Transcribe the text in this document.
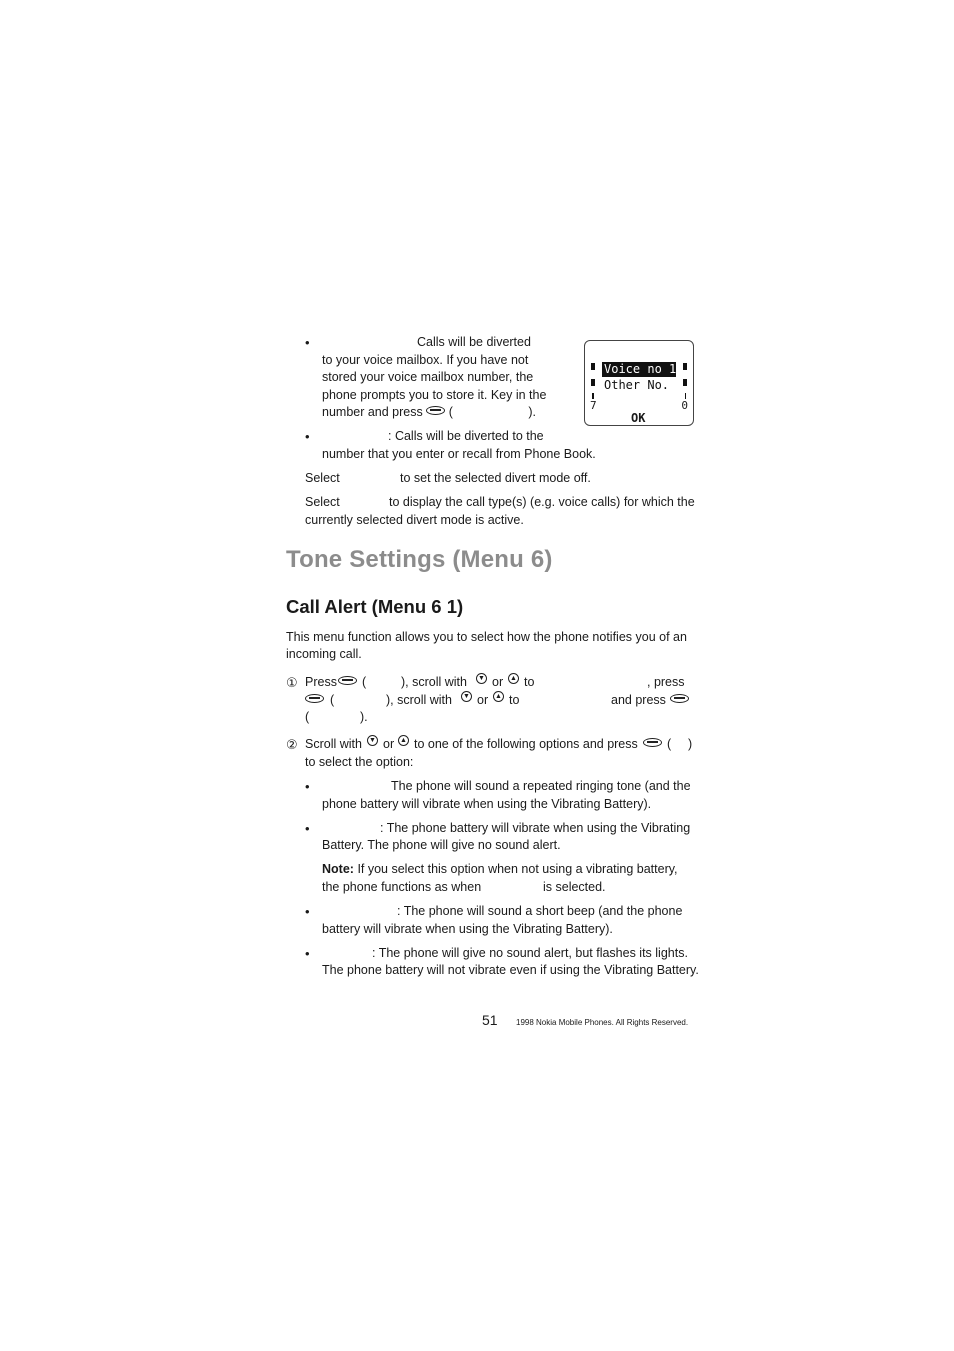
•	Calls will be diverted
to your voice mailbox. If you have not
stored your voice mailbox number, the
phone prompts you to store it. Key in the
number and press (	).
•	: Calls will be diverted to the
number that you enter or recall from Phone Book.
Select	to set the selected divert mode off.
Select	to display the call type(s) (e.g. voice calls) for which the
currently selected divert mode is active.
Voice no 1
Other No.
7	0
OK
Tone Settings (Menu 6)
Call Alert (Menu 6 1)
This menu function allows you to select how the phone notifies you of an
incoming call.
① Press (	), scroll with ▼ or ▲ to	, press
(	), scroll with ▼ or ▲ to	and press
(	).
② Scroll with ▼ or ▲ to one of the following options and press ( )
to select the option:
•	The phone will sound a repeated ringing tone (and the
phone battery will vibrate when using the Vibrating Battery).
•	: The phone battery will vibrate when using the Vibrating
Battery. The phone will give no sound alert.
Note: If you select this option when not using a vibrating battery,
the phone functions as when	is selected.
•	: The phone will sound a short beep (and the phone
battery will vibrate when using the Vibrating Battery).
•	: The phone will give no sound alert, but flashes its lights.
The phone battery will not vibrate even if using the Vibrating Battery.
51 1998 Nokia Mobile Phones. All Rights Reserved.
